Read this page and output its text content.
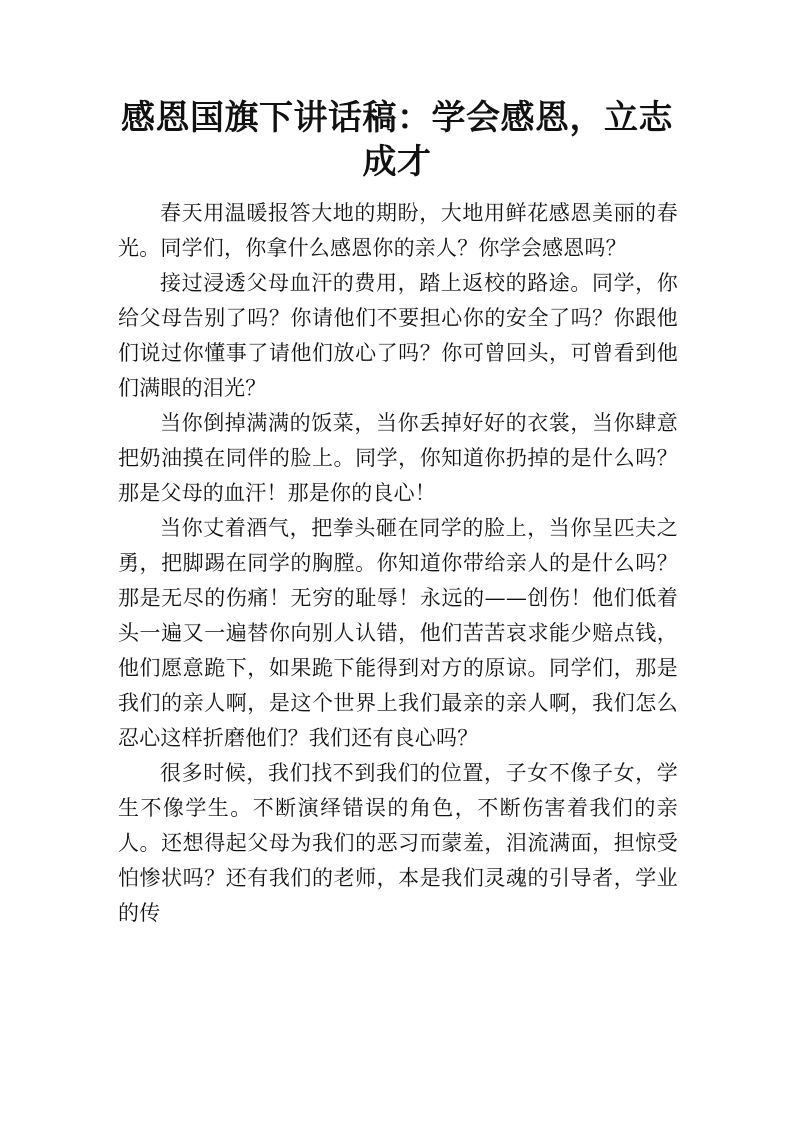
感恩国旗下讲话稿：学会感恩，立志成才

春天用温暖报答大地的期盼，大地用鲜花感恩美丽的春光。同学们，你拿什么感恩你的亲人？你学会感恩吗？

接过浸透父母血汗的费用，踏上返校的路途。同学，你给父母告别了吗？你请他们不要担心你的安全了吗？你跟他们说过你懂事了请他们放心了吗？你可曾回头，可曾看到他们满眼的泪光？

当你倒掉满满的饭菜，当你丢掉好好的衣裳，当你肆意把奶油摸在同伴的脸上。同学，你知道你扔掉的是什么吗？那是父母的血汗！那是你的良心！

当你丈着酒气，把拳头砸在同学的脸上，当你呈匹夫之勇，把脚踢在同学的胸膛。你知道你带给亲人的是什么吗？那是无尽的伤痛！无穷的耻辱！永远的——创伤！他们低着头一遍又一遍替你向别人认错，他们苦苦哀求能少赔点钱，他们愿意跪下，如果跪下能得到对方的原谅。同学们，那是我们的亲人啊，是这个世界上我们最亲的亲人啊，我们怎么忍心这样折磨他们？我们还有良心吗？

很多时候，我们找不到我们的位置，子女不像子女，学生不像学生。不断演绎错误的角色，不断伤害着我们的亲人。还想得起父母为我们的恶习而蒙羞，泪流满面，担惊受怕惨状吗？还有我们的老师，本是我们灵魂的引导者，学业的传
